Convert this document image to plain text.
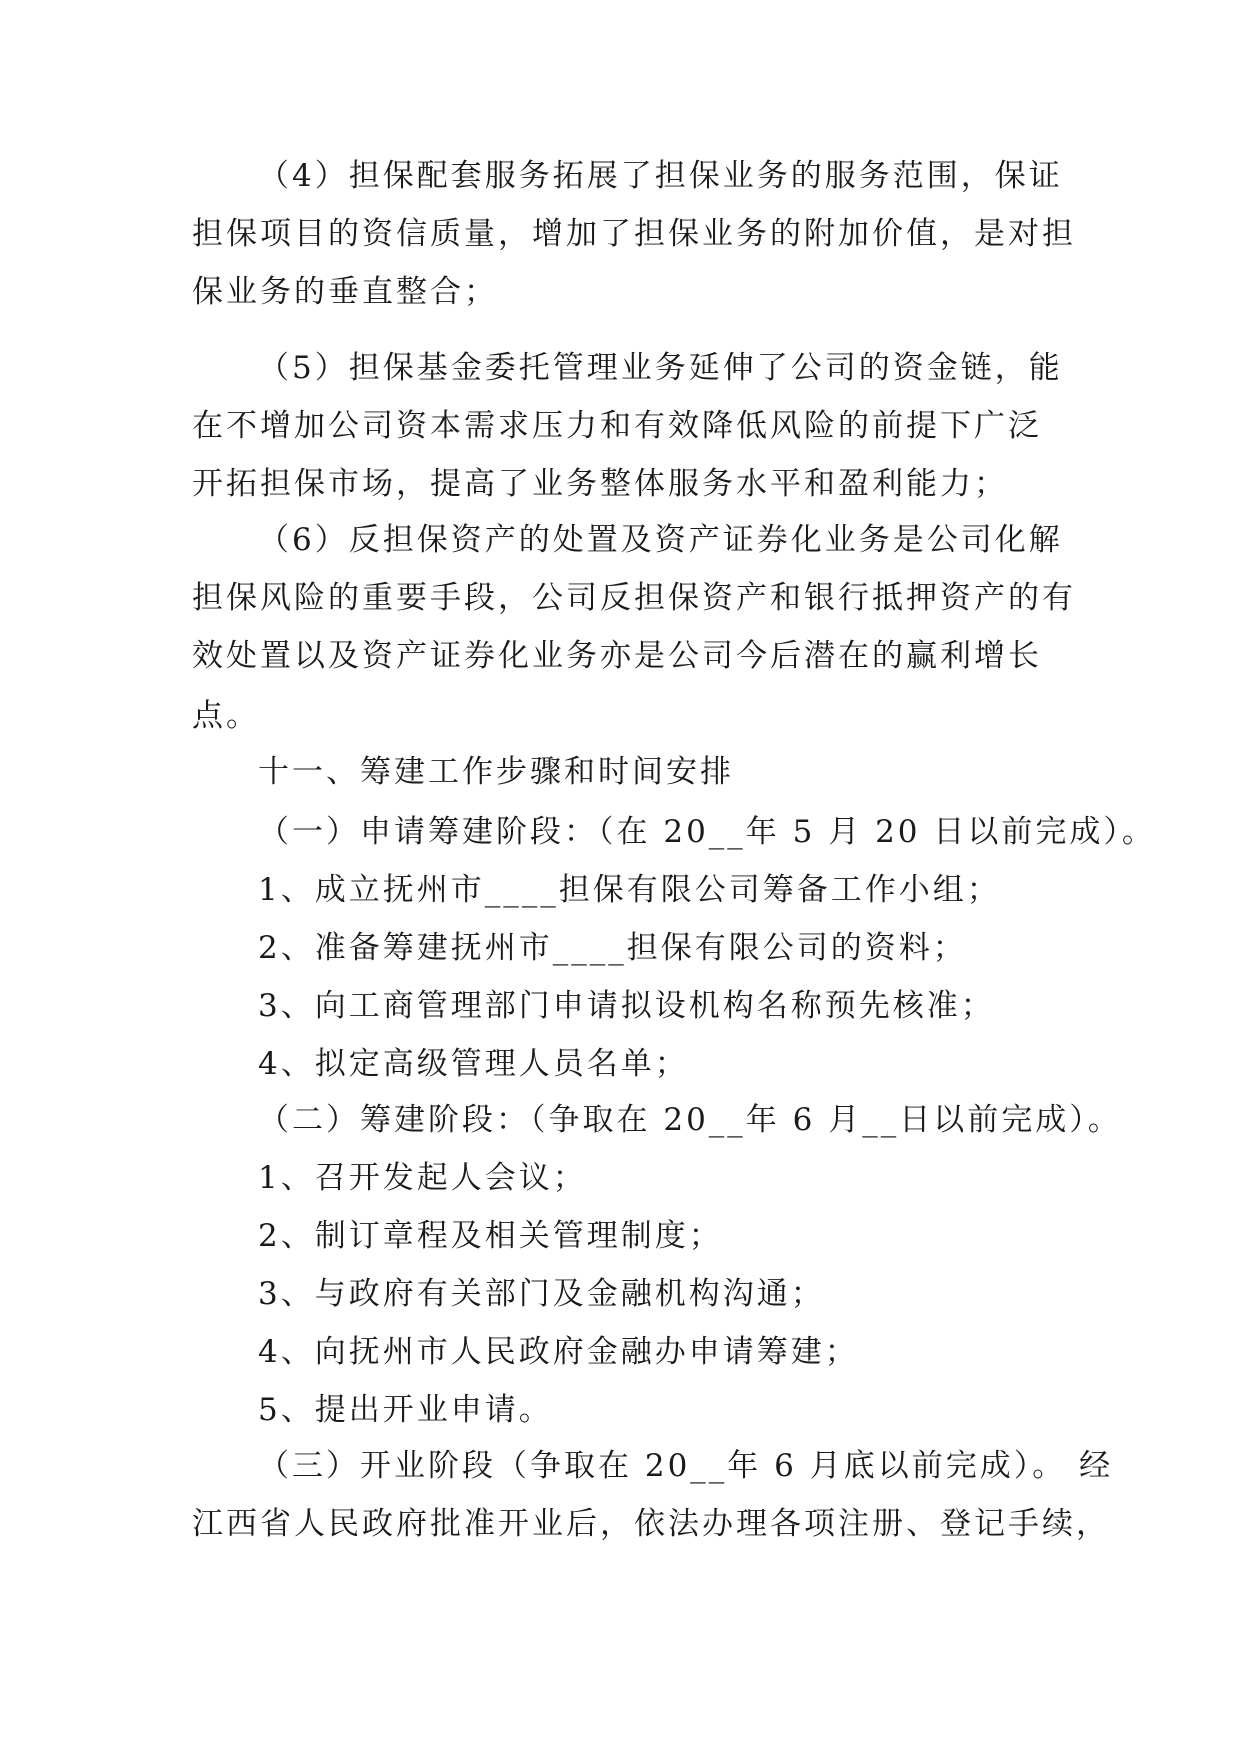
（4）担保配套服务拓展了担保业务的服务范围，保证
担保项目的资信质量，增加了担保业务的附加价值，是对担
保业务的垂直整合；
（5）担保基金委托管理业务延伸了公司的资金链，能
在不增加公司资本需求压力和有效降低风险的前提下广泛
开拓担保市场，提高了业务整体服务水平和盈利能力；
（6）反担保资产的处置及资产证券化业务是公司化解
担保风险的重要手段，公司反担保资产和银行抵押资产的有
效处置以及资产证券化业务亦是公司今后潜在的赢利增长
点。
十一、筹建工作步骤和时间安排
（一）申请筹建阶段：（在 20__年 5 月 20 日以前完成）。
1、成立抚州市____担保有限公司筹备工作小组；
2、准备筹建抚州市____担保有限公司的资料；
3、向工商管理部门申请拟设机构名称预先核准；
4、拟定高级管理人员名单；
（二）筹建阶段：（争取在 20__年 6 月__日以前完成）。
1、召开发起人会议；
2、制订章程及相关管理制度；
3、与政府有关部门及金融机构沟通；
4、向抚州市人民政府金融办申请筹建；
5、提出开业申请。
（三）开业阶段（争取在 20__年 6 月底以前完成）。 经
江西省人民政府批准开业后，依法办理各项注册、登记手续，
